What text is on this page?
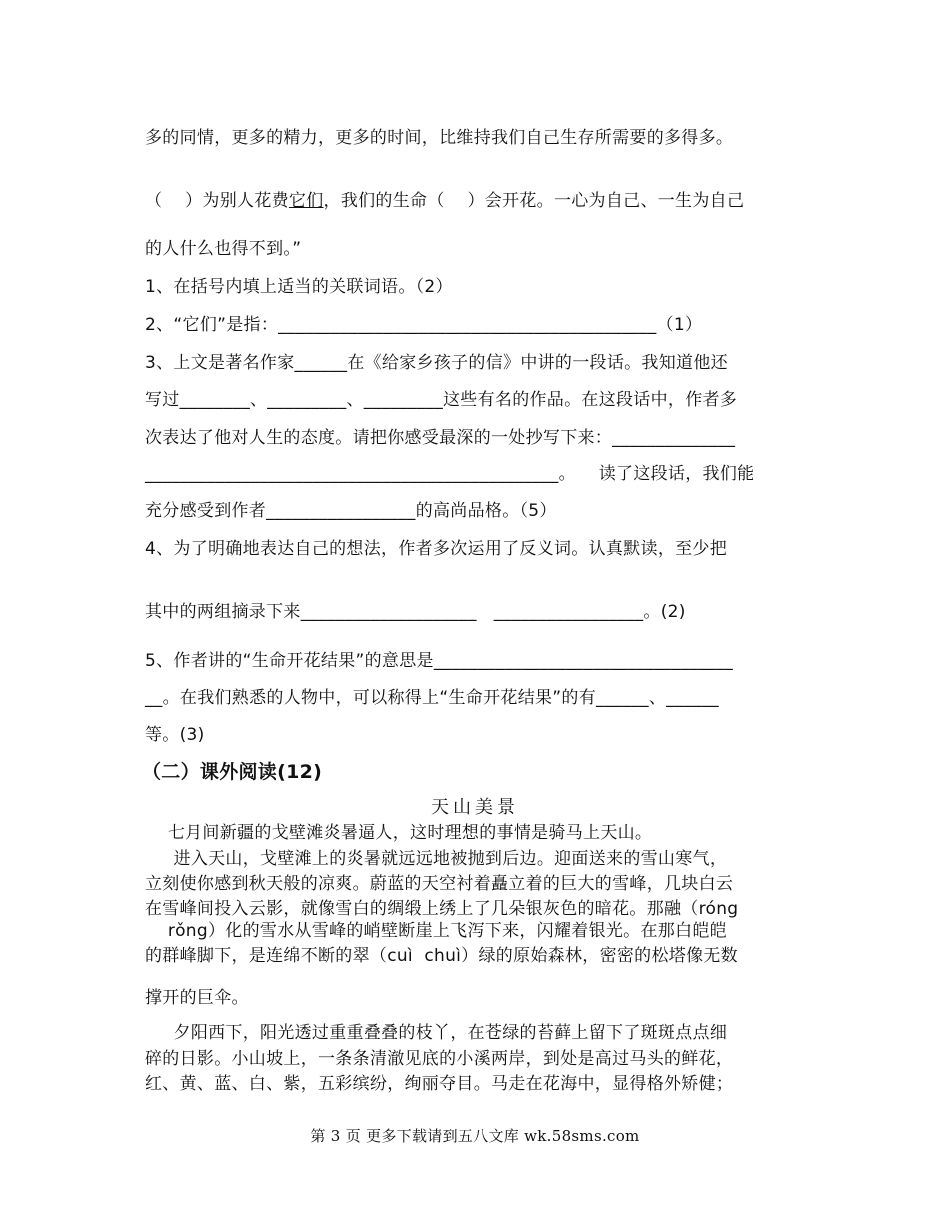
多的同情，更多的精力，更多的时间，比维持我们自己生存所需要的多得多。
（    ）为别人花费它们，我们的生命（    ）会开花。一心为自己、一生为自己
的人什么也得不到。”
1、在括号内填上适当的关联词语。（2）
2、“它们”是指：___________________________________________（1）
3、上文是著名作家______在《给家乡孩子的信》中讲的一段话。我知道他还
写过________、_________、_________这些有名的作品。在这段话中，作者多
次表达了他对人生的态度。请把你感受最深的一处抄写下来：______________
_______________________________________________。    读了这段话，我们能
充分感受到作者_________________的高尚品格。（5）
4、为了明确地表达自己的想法，作者多次运用了反义词。认真默读，至少把
其中的两组摘录下来____________________   _________________。(2)
5、作者讲的“生命开花结果”的意思是__________________________________
__。在我们熟悉的人物中，可以称得上“生命开花结果”的有______、______
等。(3)
（二）课外阅读(12)
天山美景
七月间新疆的戈壁滩炎暑逼人，这时理想的事情是骑马上天山。
进入天山，戈壁滩上的炎暑就远远地被抛到后边。迎面送来的雪山寒气，
立刻使你感到秋天般的凉爽。蔚蓝的天空衬着矗立着的巨大的雪峰，几块白云
在雪峰间投入云影，就像雪白的绸缎上绣上了几朵银灰色的暗花。那融（róng
rǒng）化的雪水从雪峰的峭壁断崖上飞泻下来，闪耀着银光。在那白皑皑
的群峰脚下，是连绵不断的翠（cuì  chuì）绿的原始森林，密密的松塔像无数
撑开的巨伞。
夕阳西下，阳光透过重重叠叠的枝丫，在苍绿的苔藓上留下了斑斑点点细
碎的日影。小山坡上，一条条清澈见底的小溪两岸，到处是高过马头的鲜花，
红、黄、蓝、白、紫，五彩缤纷，绚丽夺目。马走在花海中，显得格外矫健；
第 3 页 更多下载请到五八文库 wk.58sms.com
